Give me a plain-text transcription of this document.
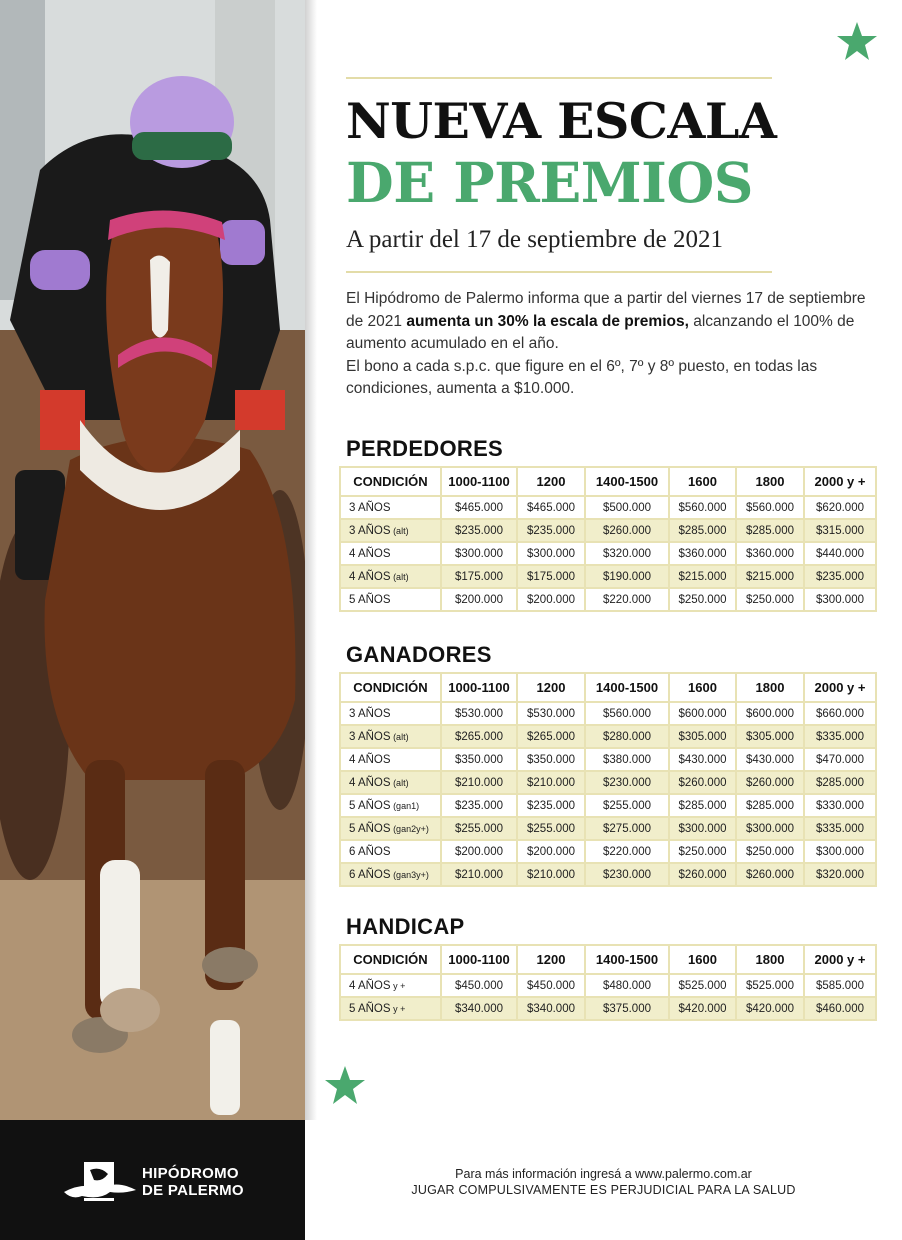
NUEVA ESCALA
DE PREMIOS
A partir del 17 de septiembre de 2021
El Hipódromo de Palermo informa que a partir del viernes 17 de septiembre de 2021 aumenta un 30% la escala de premios, alcanzando el 100% de aumento acumulado en el año.
El bono a cada s.p.c. que figure en el 6º, 7º y 8º puesto, en todas las condiciones, aumenta a $10.000.
PERDEDORES
CONDICIÓN	1000-1100	1200	1400-1500	1600	1800	2000 y +
3 AÑOS	$465.000	$465.000	$500.000	$560.000	$560.000	$620.000
3 AÑOS (alt)	$235.000	$235.000	$260.000	$285.000	$285.000	$315.000
4 AÑOS	$300.000	$300.000	$320.000	$360.000	$360.000	$440.000
4 AÑOS (alt)	$175.000	$175.000	$190.000	$215.000	$215.000	$235.000
5 AÑOS	$200.000	$200.000	$220.000	$250.000	$250.000	$300.000
GANADORES
CONDICIÓN	1000-1100	1200	1400-1500	1600	1800	2000 y +
3 AÑOS	$530.000	$530.000	$560.000	$600.000	$600.000	$660.000
3 AÑOS (alt)	$265.000	$265.000	$280.000	$305.000	$305.000	$335.000
4 AÑOS	$350.000	$350.000	$380.000	$430.000	$430.000	$470.000
4 AÑOS (alt)	$210.000	$210.000	$230.000	$260.000	$260.000	$285.000
5 AÑOS (gan1)	$235.000	$235.000	$255.000	$285.000	$285.000	$330.000
5 AÑOS (gan2y+)	$255.000	$255.000	$275.000	$300.000	$300.000	$335.000
6 AÑOS	$200.000	$200.000	$220.000	$250.000	$250.000	$300.000
6 AÑOS (gan3y+)	$210.000	$210.000	$230.000	$260.000	$260.000	$320.000
HANDICAP
CONDICIÓN	1000-1100	1200	1400-1500	1600	1800	2000 y +
4 AÑOS y +	$450.000	$450.000	$480.000	$525.000	$525.000	$585.000
5 AÑOS y +	$340.000	$340.000	$375.000	$420.000	$420.000	$460.000
HIPÓDROMO
DE PALERMO
Para más información ingresá a www.palermo.com.ar
JUGAR COMPULSIVAMENTE ES PERJUDICIAL PARA LA SALUD
